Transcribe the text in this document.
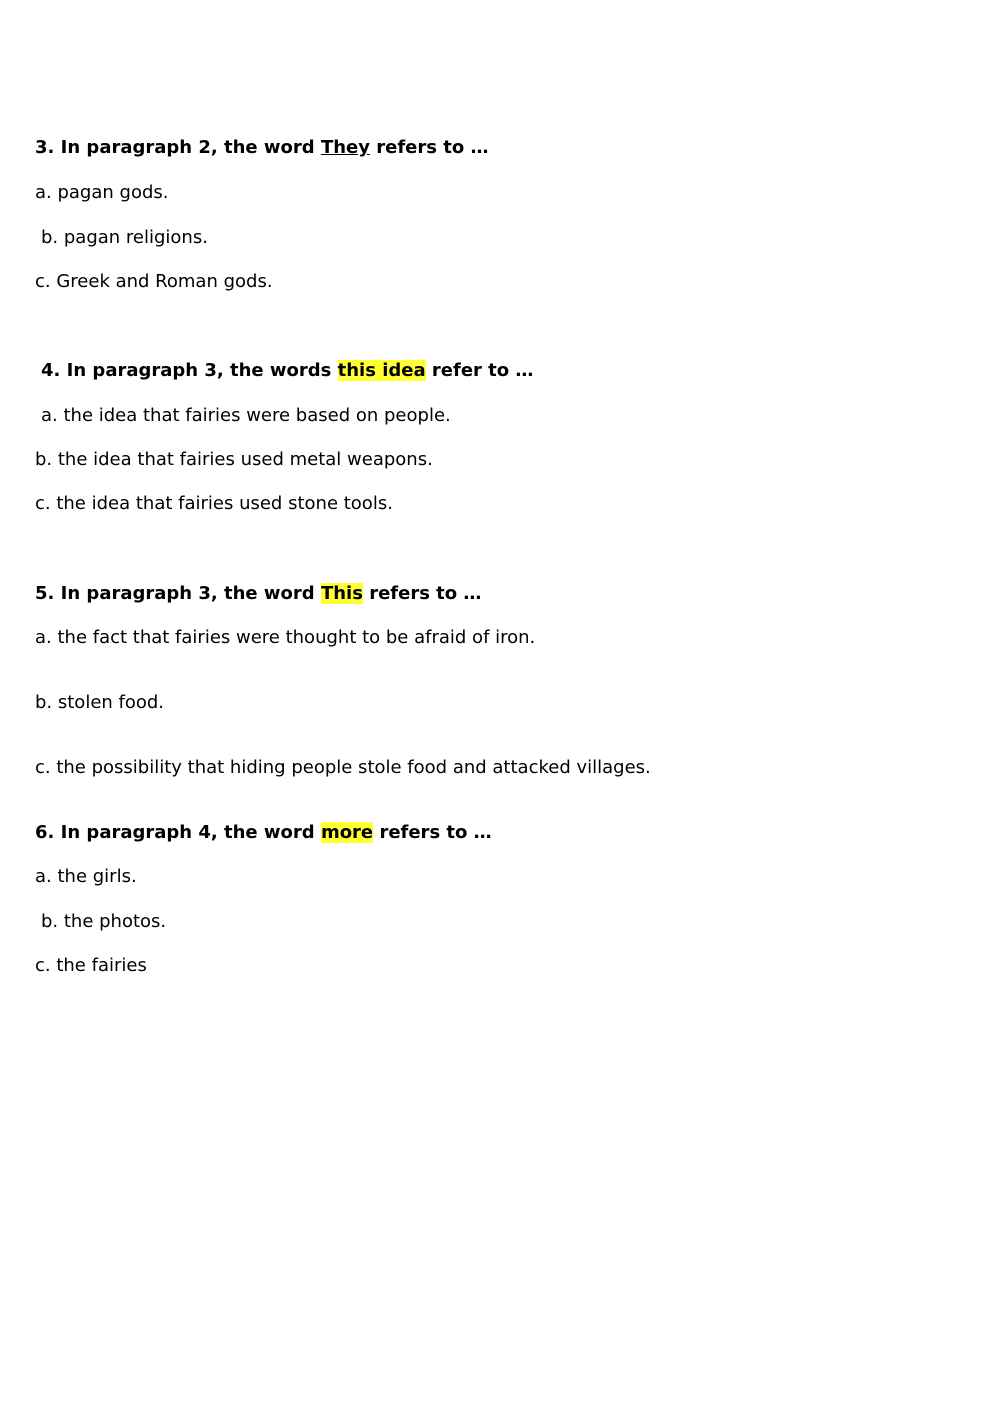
3. In paragraph 2, the word They refers to …
a. pagan gods.
b. pagan religions.
c. Greek and Roman gods.
4. In paragraph 3, the words this idea refer to …
a. the idea that fairies were based on people.
b. the idea that fairies used metal weapons.
c. the idea that fairies used stone tools.
5. In paragraph 3, the word This refers to …
a. the fact that fairies were thought to be afraid of iron.
b. stolen food.
c. the possibility that hiding people stole food and attacked villages.
6. In paragraph 4, the word more refers to …
a. the girls.
b. the photos.
c. the fairies
